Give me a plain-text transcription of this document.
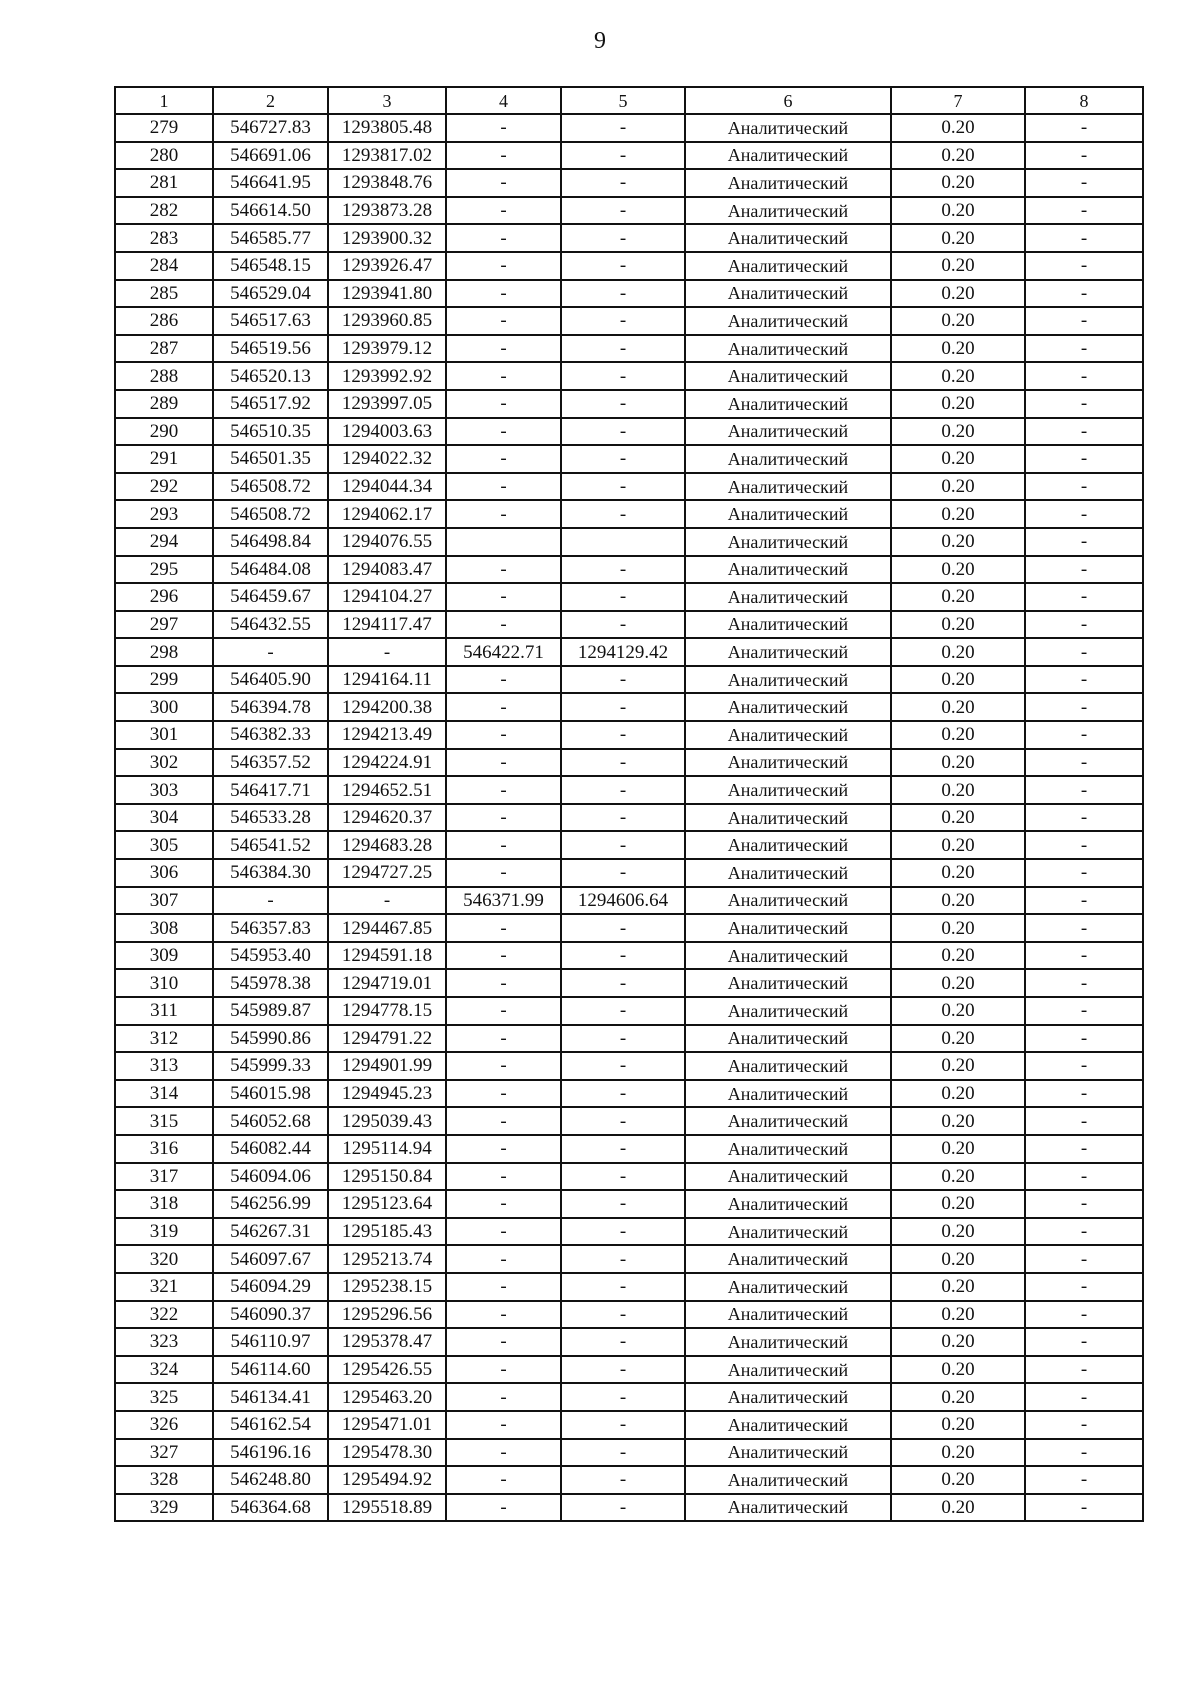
9
1	2	3	4	5	6	7	8
279	546727.83	1293805.48	-	-	Аналитический	0.20	-
280	546691.06	1293817.02	-	-	Аналитический	0.20	-
281	546641.95	1293848.76	-	-	Аналитический	0.20	-
282	546614.50	1293873.28	-	-	Аналитический	0.20	-
283	546585.77	1293900.32	-	-	Аналитический	0.20	-
284	546548.15	1293926.47	-	-	Аналитический	0.20	-
285	546529.04	1293941.80	-	-	Аналитический	0.20	-
286	546517.63	1293960.85	-	-	Аналитический	0.20	-
287	546519.56	1293979.12	-	-	Аналитический	0.20	-
288	546520.13	1293992.92	-	-	Аналитический	0.20	-
289	546517.92	1293997.05	-	-	Аналитический	0.20	-
290	546510.35	1294003.63	-	-	Аналитический	0.20	-
291	546501.35	1294022.32	-	-	Аналитический	0.20	-
292	546508.72	1294044.34	-	-	Аналитический	0.20	-
293	546508.72	1294062.17	-	-	Аналитический	0.20	-
294	546498.84	1294076.55			Аналитический	0.20	-
295	546484.08	1294083.47	-	-	Аналитический	0.20	-
296	546459.67	1294104.27	-	-	Аналитический	0.20	-
297	546432.55	1294117.47	-	-	Аналитический	0.20	-
298	-	-	546422.71	1294129.42	Аналитический	0.20	-
299	546405.90	1294164.11	-	-	Аналитический	0.20	-
300	546394.78	1294200.38	-	-	Аналитический	0.20	-
301	546382.33	1294213.49	-	-	Аналитический	0.20	-
302	546357.52	1294224.91	-	-	Аналитический	0.20	-
303	546417.71	1294652.51	-	-	Аналитический	0.20	-
304	546533.28	1294620.37	-	-	Аналитический	0.20	-
305	546541.52	1294683.28	-	-	Аналитический	0.20	-
306	546384.30	1294727.25	-	-	Аналитический	0.20	-
307	-	-	546371.99	1294606.64	Аналитический	0.20	-
308	546357.83	1294467.85	-	-	Аналитический	0.20	-
309	545953.40	1294591.18	-	-	Аналитический	0.20	-
310	545978.38	1294719.01	-	-	Аналитический	0.20	-
311	545989.87	1294778.15	-	-	Аналитический	0.20	-
312	545990.86	1294791.22	-	-	Аналитический	0.20	-
313	545999.33	1294901.99	-	-	Аналитический	0.20	-
314	546015.98	1294945.23	-	-	Аналитический	0.20	-
315	546052.68	1295039.43	-	-	Аналитический	0.20	-
316	546082.44	1295114.94	-	-	Аналитический	0.20	-
317	546094.06	1295150.84	-	-	Аналитический	0.20	-
318	546256.99	1295123.64	-	-	Аналитический	0.20	-
319	546267.31	1295185.43	-	-	Аналитический	0.20	-
320	546097.67	1295213.74	-	-	Аналитический	0.20	-
321	546094.29	1295238.15	-	-	Аналитический	0.20	-
322	546090.37	1295296.56	-	-	Аналитический	0.20	-
323	546110.97	1295378.47	-	-	Аналитический	0.20	-
324	546114.60	1295426.55	-	-	Аналитический	0.20	-
325	546134.41	1295463.20	-	-	Аналитический	0.20	-
326	546162.54	1295471.01	-	-	Аналитический	0.20	-
327	546196.16	1295478.30	-	-	Аналитический	0.20	-
328	546248.80	1295494.92	-	-	Аналитический	0.20	-
329	546364.68	1295518.89	-	-	Аналитический	0.20	-
